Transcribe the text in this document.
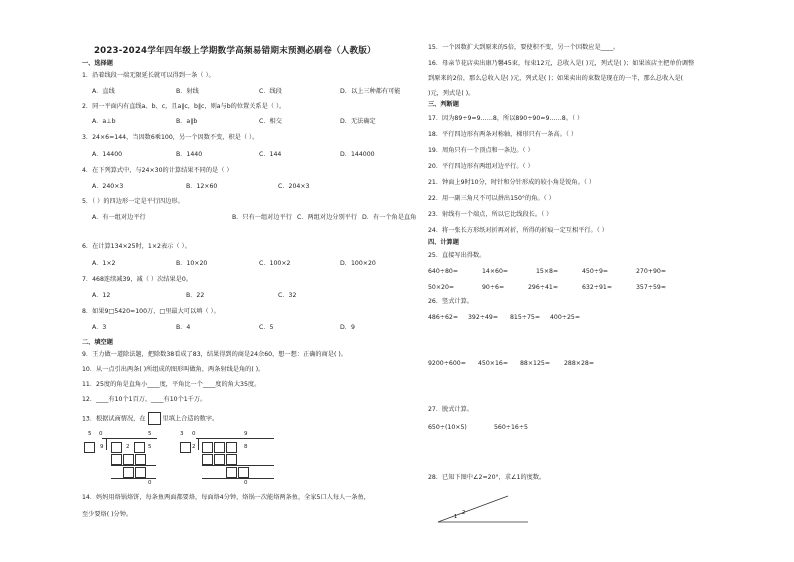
2023-2024学年四年级上学期数学高频易错期末预测必刷卷（人教版）
一、选择题
1．沿着线段一端无限延长就可以得到一条（ ）。
A．直线	B．射线	C．线段	D．以上三种都有可能
2．同一平面内有直线a、b、c，且a∥c，b∥c，则a与b的位置关系是（ ）。
A．a⊥b	B．a∥b	C．相交	D．无法确定
3．24×6=144，当因数6乘100，另一个因数不变，积是（ ）。
A．14400	B．1440	C．144	D．144000
4．在下列算式中，与24×30的计算结果不同的是（ ）
A．240×3	B．12×60	C．204×3
5．（ ）的四边形一定是平行四边形。
A．有一组对边平行	B．只有一组对边平行 C．两组对边分别平行 D．有一个角是直角
6．在计算134×25时，1×2表示（ ）。
A．1×2	B．10×20	C．100×2	D．100×20
7．468连续减39，减（ ）次结果是0。
A．12	B．22	C．32
8．如果9□5420≈100万，□里最大可以填（ ）。
A．3	B．4	C．5	D．9
二、填空题
9．王力做一道除法题，把除数38看成了83，结果得到的商是24余60，想一想：正确的商是( )。
10．从一点引出两条( )所组成的图形叫做角，两条射线是角的( )。
11．25度的角是直角小____度，平角比一个____度的角大35度。
12．____有10个1百万，____有10个1千万。
13．根据试商情况，在	里填上合适的数字。
5 0	5
9	2	5
0
3 0	9
2	8
0
14．妈妈用烙锅烙饼，每条鱼两面都要烙，每面烙4分钟，烙锅一次能烙两条鱼，全家5口人每人一条鱼，
至少要烙( )分钟。
15．一个因数扩大到原来的5倍，要使积不变，另一个因数应是____。
16．母亲节花店卖出康乃馨45束，每束12元，总收入是( )元，列式是( )；如果该店主把单价调整
到原来的2倍，那么总收入是( )元，列式是( )；如果卖出的束数是现在的一半，那么总收入是(
)元，列式是( )。
三、判断题
17．因为89÷9=9……8，所以890÷90=9……8。（ ）
18．平行四边形有两条对称轴，梯形只有一条高。（ ）
19．周角只有一个顶点和一条边。（ ）
20．平行四边形有两组对边平行。（ ）
21．钟面上9时10分，时针和分针形成的较小角是锐角。（ ）
22．用一副三角尺不可以拼出150°的角。（ ）
23．射线有一个端点，所以它比线段长。（ ）
24．将一张长方形纸对折再对折，所得的折痕一定互相平行。（ ）
四、计算题
25．直接写出得数。
640÷80=	14×60=	15×8=	450÷9=	270+90=
50×20=	90÷6=	296÷41≈	632÷91≈	357÷59≈
26．竖式计算。
486÷62= 392÷49= 815÷75= 400÷25=
9200÷600= 450×16= 88×125= 288×28=
27．脱式计算。
650÷(10×5)	560÷16÷5
28．已知下图中∠2=20°，求∠1的度数。
1
2
